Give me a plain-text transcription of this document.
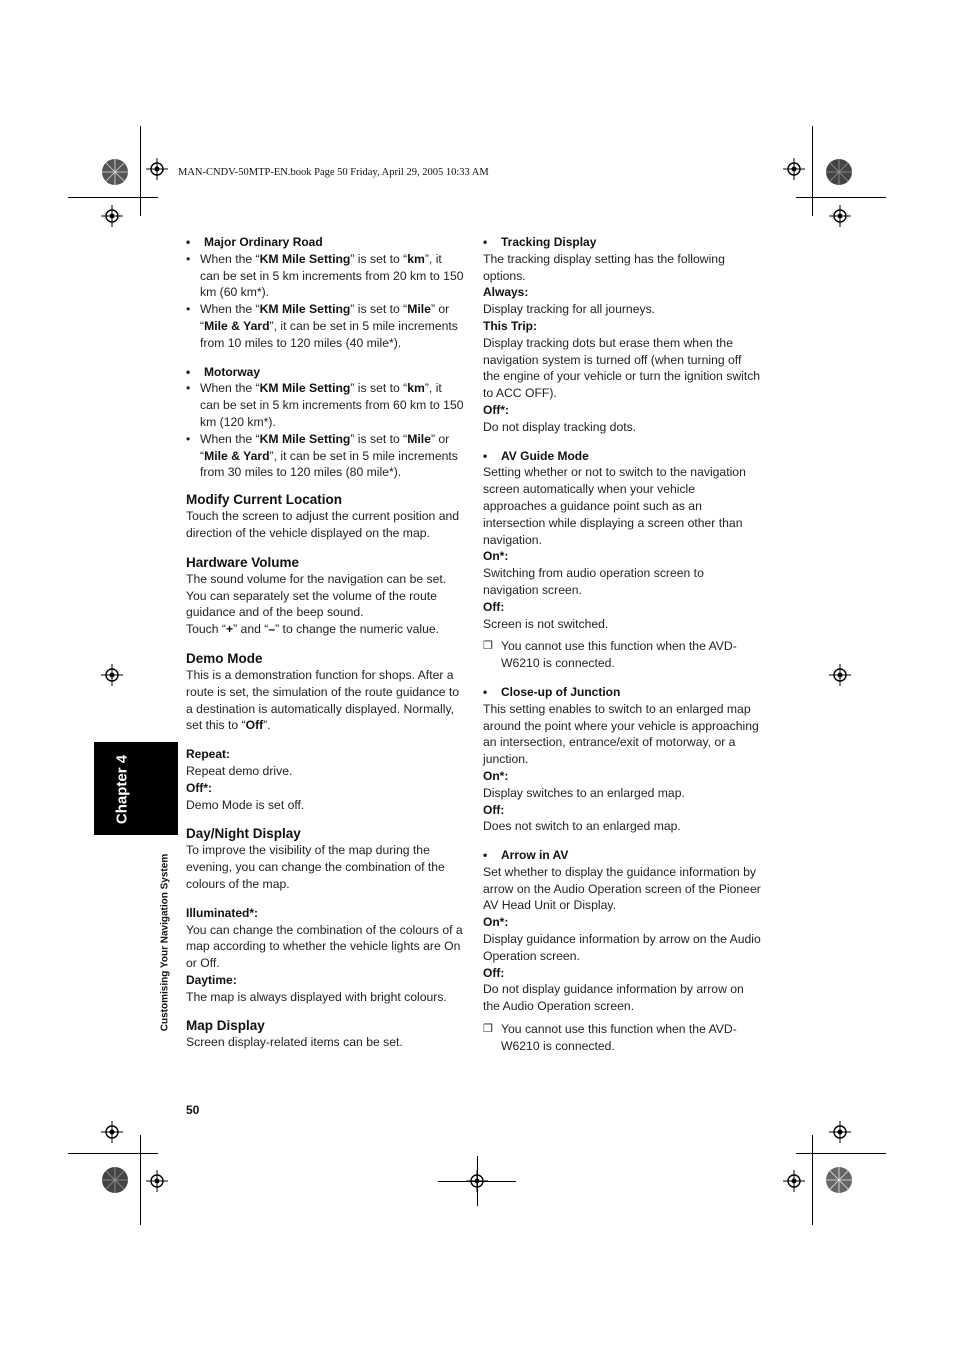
MAN-CNDV-50MTP-EN.book Page 50 Friday, April 29, 2005 10:33 AM
Chapter 4
Customising Your Navigation System

• Major Ordinary Road

• When the “KM Mile Setting” is set to “km”, it can be set in 5 km increments from 20 km to 150 km (60 km*).

• When the “KM Mile Setting” is set to “Mile” or “Mile & Yard”, it can be set in 5 mile increments from 10 miles to 120 miles (40 mile*).

• Motorway

• When the “KM Mile Setting” is set to “km”, it can be set in 5 km increments from 60 km to 150 km (120 km*).

• When the “KM Mile Setting” is set to “Mile” or “Mile & Yard”, it can be set in 5 mile increments from 30 miles to 120 miles (80 mile*).

Modify Current Location

Touch the screen to adjust the current position and direction of the vehicle displayed on the map.

Hardware Volume

The sound volume for the navigation can be set. You can separately set the volume of the route guidance and of the beep sound.

Touch “+” and “–” to change the numeric value.

Demo Mode

This is a demonstration function for shops. After a route is set, the simulation of the route guidance to a destination is automatically displayed. Normally, set this to “Off”.

Repeat:

Repeat demo drive.

Off*:

Demo Mode is set off.

Day/Night Display

To improve the visibility of the map during the evening, you can change the combination of the colours of the map.

Illuminated*:

You can change the combination of the colours of a map according to whether the vehicle lights are On or Off.

Daytime:

The map is always displayed with bright colours.

Map Display

Screen display-related items can be set.

• Tracking Display

The tracking display setting has the following options.

Always:

Display tracking for all journeys.

This Trip:

Display tracking dots but erase them when the navigation system is turned off (when turning off the engine of your vehicle or turn the ignition switch to ACC OFF).

Off*:

Do not display tracking dots.

• AV Guide Mode

Setting whether or not to switch to the navigation screen automatically when your vehicle approaches a guidance point such as an intersection while displaying a screen other than navigation.

On*:

Switching from audio operation screen to navigation screen.

Off:

Screen is not switched.

❐ You cannot use this function when the AVD-W6210 is connected.

• Close-up of Junction

This setting enables to switch to an enlarged map around the point where your vehicle is approaching an intersection, entrance/exit of motorway, or a junction.

On*:

Display switches to an enlarged map.

Off:

Does not switch to an enlarged map.

• Arrow in AV

Set whether to display the guidance information by arrow on the Audio Operation screen of the Pioneer AV Head Unit or Display.

On*:

Display guidance information by arrow on the Audio Operation screen.

Off:

Do not display guidance information by arrow on the Audio Operation screen.

❐ You cannot use this function when the AVD-W6210 is connected.

50
